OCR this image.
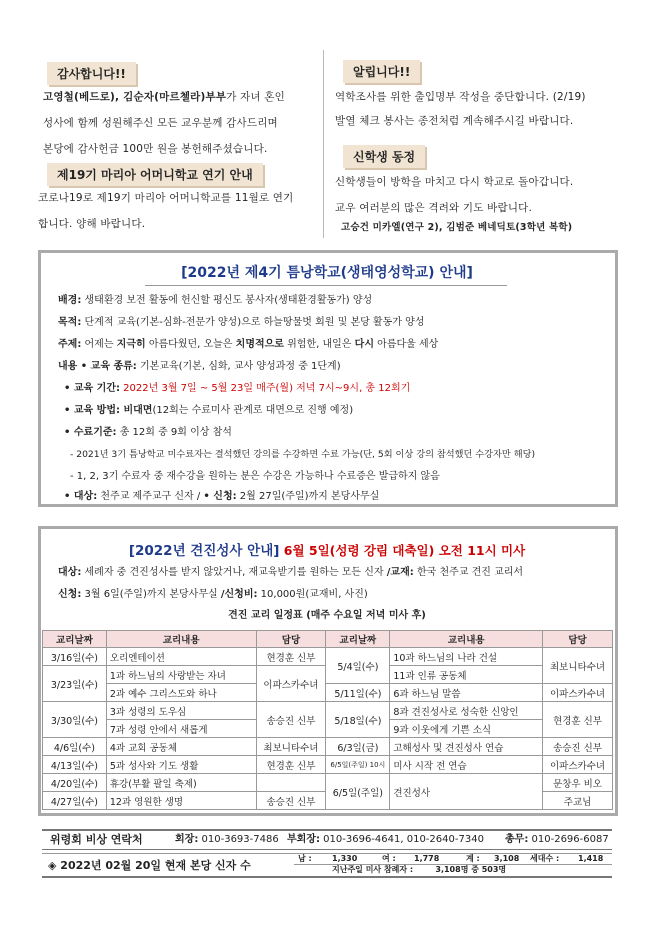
감사합니다!!
고영철(베드로), 김순자(마르첼라)부부가 자녀 혼인
성사에 함께 성원해주신 모든 교우분께 감사드리며
본당에 감사헌금 100만 원을 봉헌해주셨습니다.
제19기 마리아 어머니학교 연기 안내
코로나19로 제19기 마리아 어머니학교를 11월로 연기
합니다. 양해 바랍니다.
알립니다!!
역학조사를 위한 출입명부 작성을 중단합니다. (2/19)
발열 체크 봉사는 종전처럼 계속해주시길 바랍니다.
신학생 동정
신학생들이 방학을 마치고 다시 학교로 돌아갑니다.
교우 여러분의 많은 격려와 기도 바랍니다.
고승건 미카엘(연구 2), 김범준 베네딕토(3학년 복학)
[2022년 제4기 틈낭학교(생태영성학교) 안내]
배경: 생태환경 보전 활동에 헌신할 평신도 봉사자(생태환경활동가) 양성
목적: 단계적 교육(기본-심화-전문가 양성)으로 하늘땅물벗 회원 및 본당 활동가 양성
주제: 어제는 지극히 아름다웠던, 오늘은 치명적으로 위험한, 내일은 다시 아름다울 세상
내용 • 교육 종류: 기본교육(기본, 심화, 교사 양성과정 중 1단계)
• 교육 기간: 2022년 3월 7일 ~ 5월 23일 매주(월) 저녁 7시~9시, 총 12회기
• 교육 방법: 비대면(12회는 수료미사 관계로 대면으로 진행 예정)
• 수료기준: 총 12회 중 9회 이상 참석
- 2021년 3기 틈낭학교 미수료자는 결석했던 강의를 수강하면 수료 가능(단, 5회 이상 강의 참석했던 수강자만 해당)
- 1, 2, 3기 수료자 중 재수강을 원하는 분은 수강은 가능하나 수료증은 발급하지 않음
• 대상: 천주교 제주교구 신자 / • 신청: 2월 27일(주일)까지 본당사무실
[2022년 견진성사 안내] 6월 5일(성령 강림 대축일) 오전 11시 미사
대상: 세례자 중 견진성사를 받지 않았거나, 재교육받기를 원하는 모든 신자 /교재: 한국 천주교 견진 교리서
신청: 3월 6일(주일)까지 본당사무실 /신청비: 10,000원(교재비, 사진)
견진 교리 일정표 (매주 수요일 저녁 미사 후)
교리날짜	교리내용	담당	교리날짜	교리내용	담당
3/16일(수)	오리엔테이션	현경훈 신부	5/4일(수)	10과 하느님의 나라 건설	최보니타수녀
3/23일(수)	1과 하느님의 사랑받는 자녀	이파스카수녀		11과 인류 공동체	
	2과 예수 그리스도와 하나		5/11일(수)	6과 하느님 말씀	이파스카수녀
3/30일(수)	3과 성령의 도우심	송승진 신부	5/18일(수)	8과 견진성사로 성숙한 신앙인	현경훈 신부
	7과 성령 안에서 새롭게			9과 이웃에게 기쁜 소식	
4/6일(수)	4과 교회 공동체	최보니타수녀	6/3일(금)	고해성사 및 견진성사 연습	송승진 신부
4/13일(수)	5과 성사와 기도 생활	현경훈 신부	6/5일(주일) 10시	미사 시작 전 연습	이파스카수녀
4/20일(수)	휴강(부활 팔일 축제)		6/5일(주일)	견진성사	문창우 비오
4/27일(수)	12과 영원한 생명	송승진 신부			주교님
위령회 비상 연락처	회장: 010-3693-7486 부회장: 010-3696-4641, 010-2640-7340 총무: 010-2696-6087
◈ 2022년 02월 20일 현재 본당 신자 수
남 :	1,330	여 : 1,778	계 : 3,108 세대수 : 1,418
지난주일 미사 참례자 :        3,108명 중 503명
